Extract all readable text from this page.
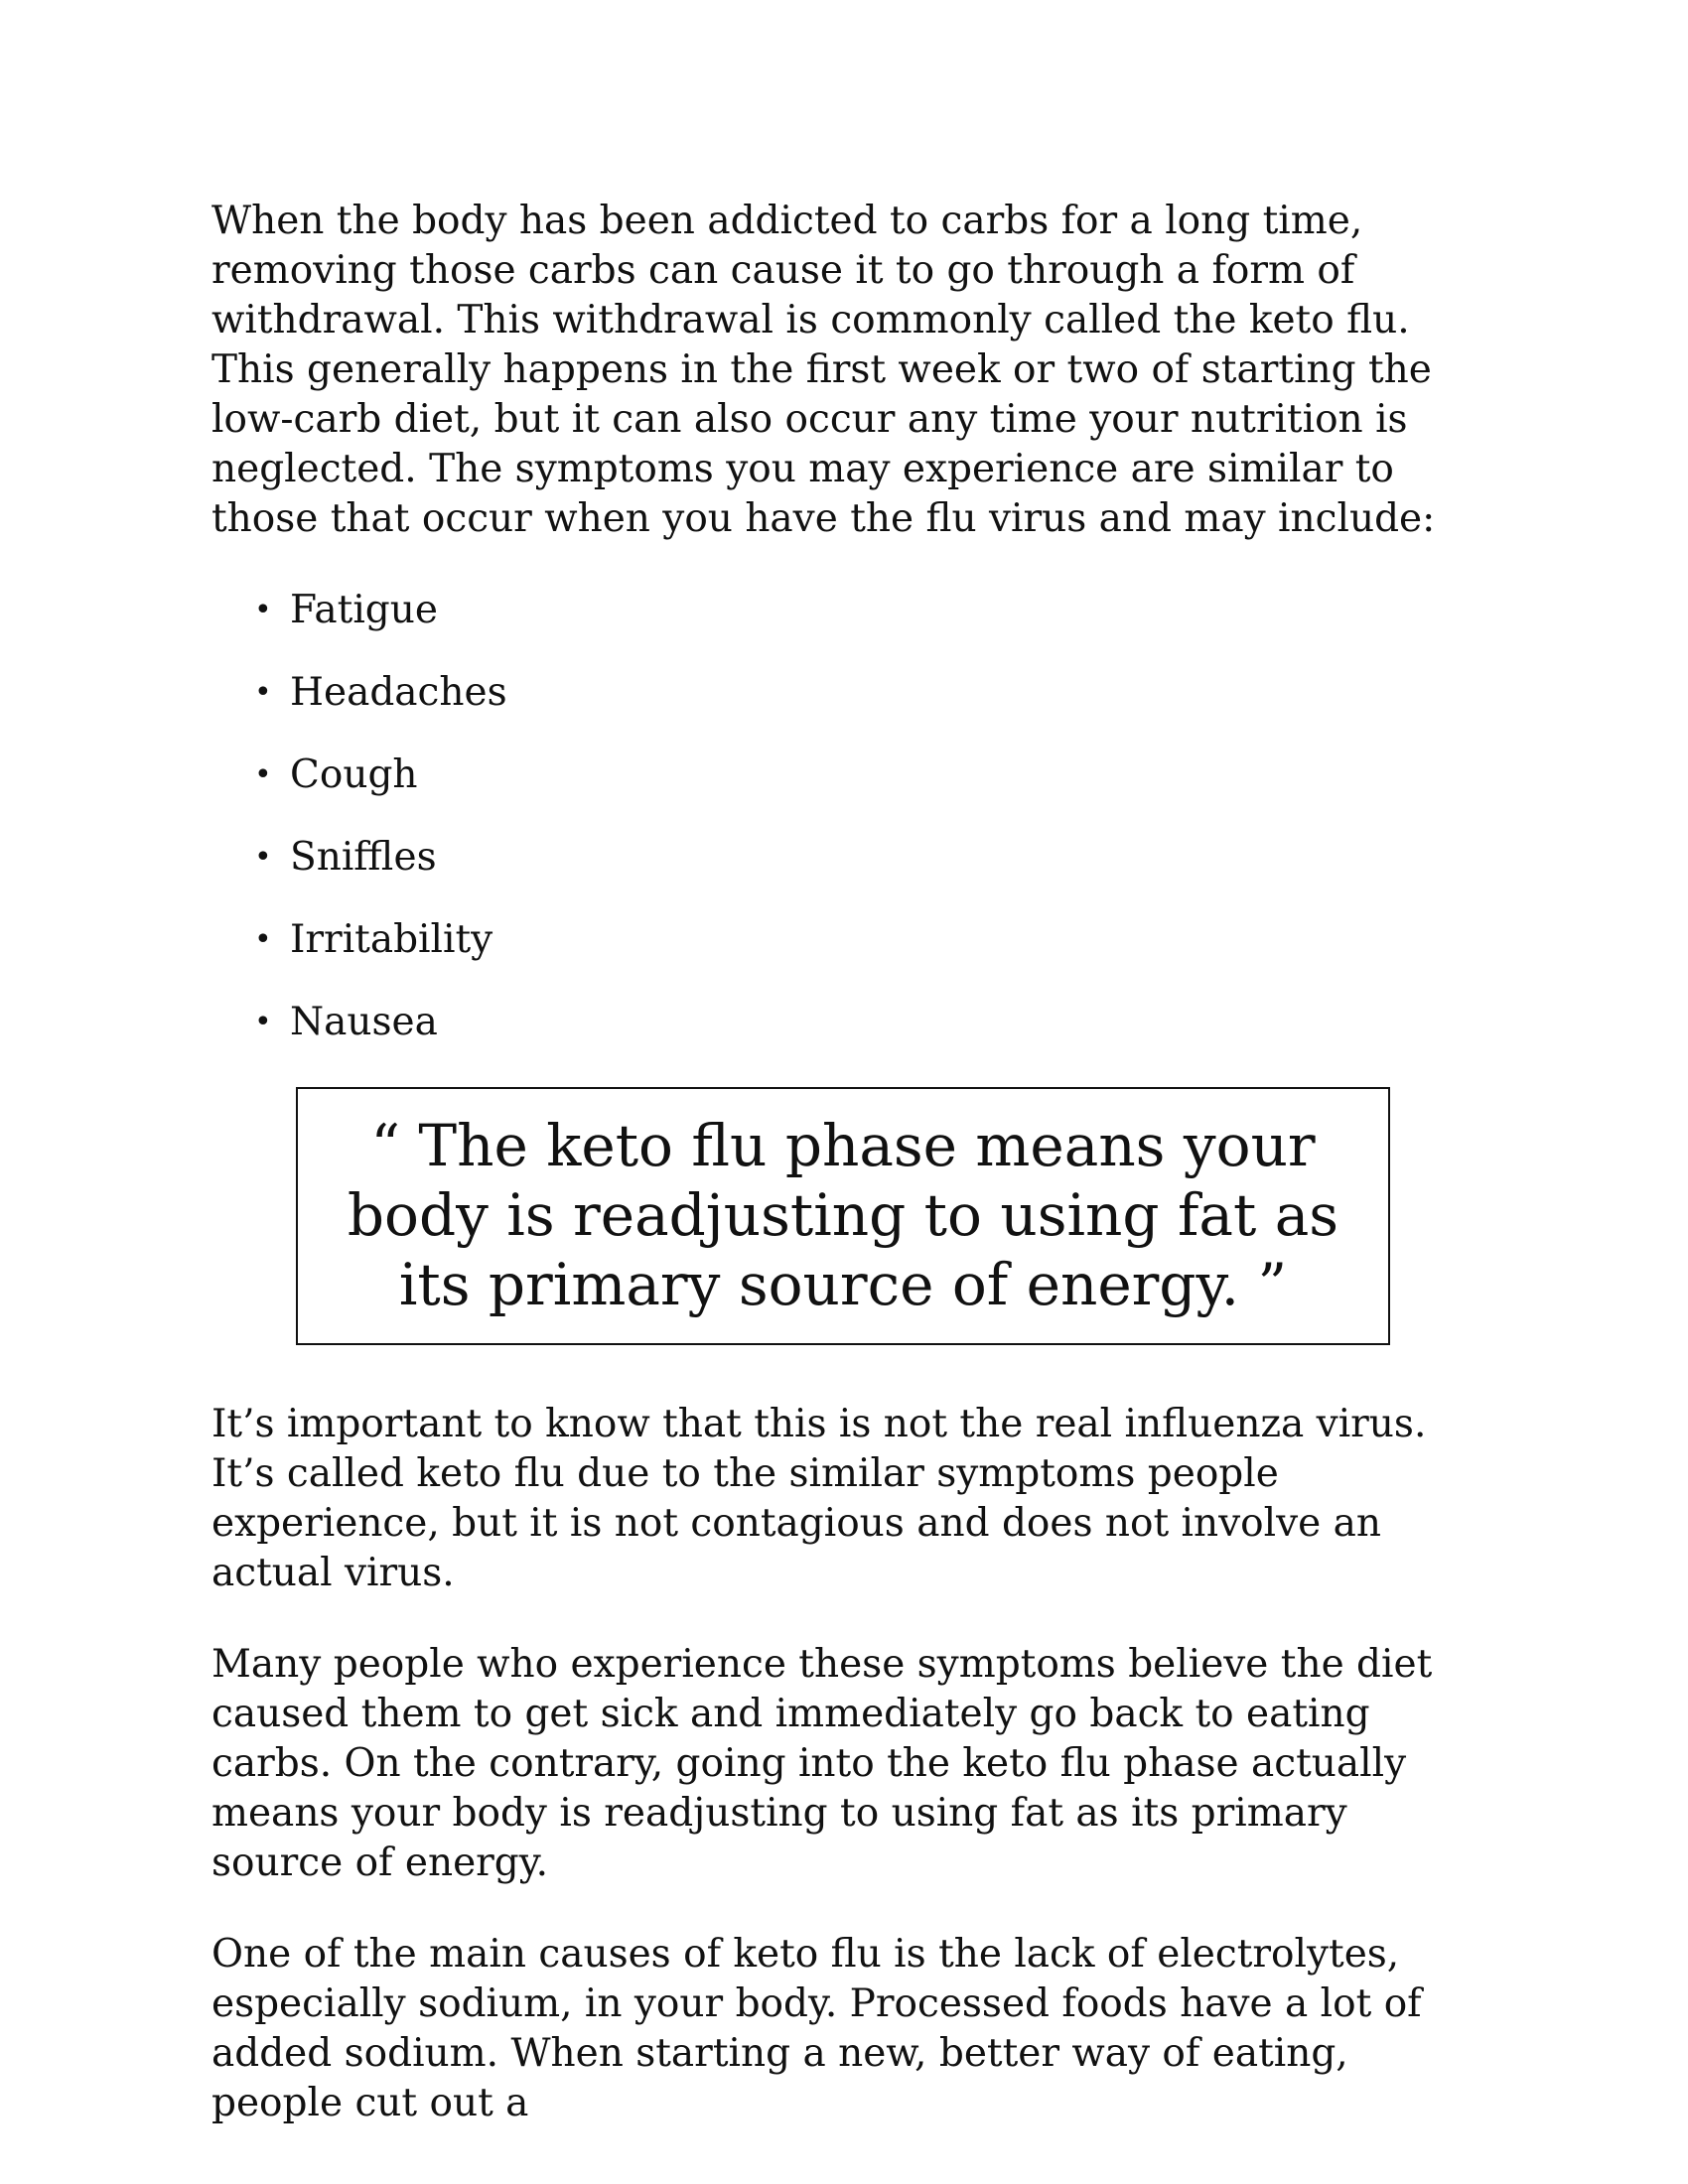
When the body has been addicted to carbs for a long time, removing those carbs can cause it to go through a form of withdrawal. This withdrawal is commonly called the keto flu. This generally happens in the first week or two of starting the low-carb diet, but it can also occur any time your nutrition is neglected. The symptoms you may experience are similar to those that occur when you have the flu virus and may include:

• Fatigue
• Headaches
• Cough
• Sniffles
• Irritability
• Nausea
“ The keto flu phase means your body is readjusting to using fat as its primary source of energy. ”

It’s important to know that this is not the real influenza virus. It’s called keto flu due to the similar symptoms people experience, but it is not contagious and does not involve an actual virus.

Many people who experience these symptoms believe the diet caused them to get sick and immediately go back to eating carbs. On the contrary, going into the keto flu phase actually means your body is readjusting to using fat as its primary source of energy.

One of the main causes of keto flu is the lack of electrolytes, especially sodium, in your body. Processed foods have a lot of added sodium. When starting a new, better way of eating, people cut out a
